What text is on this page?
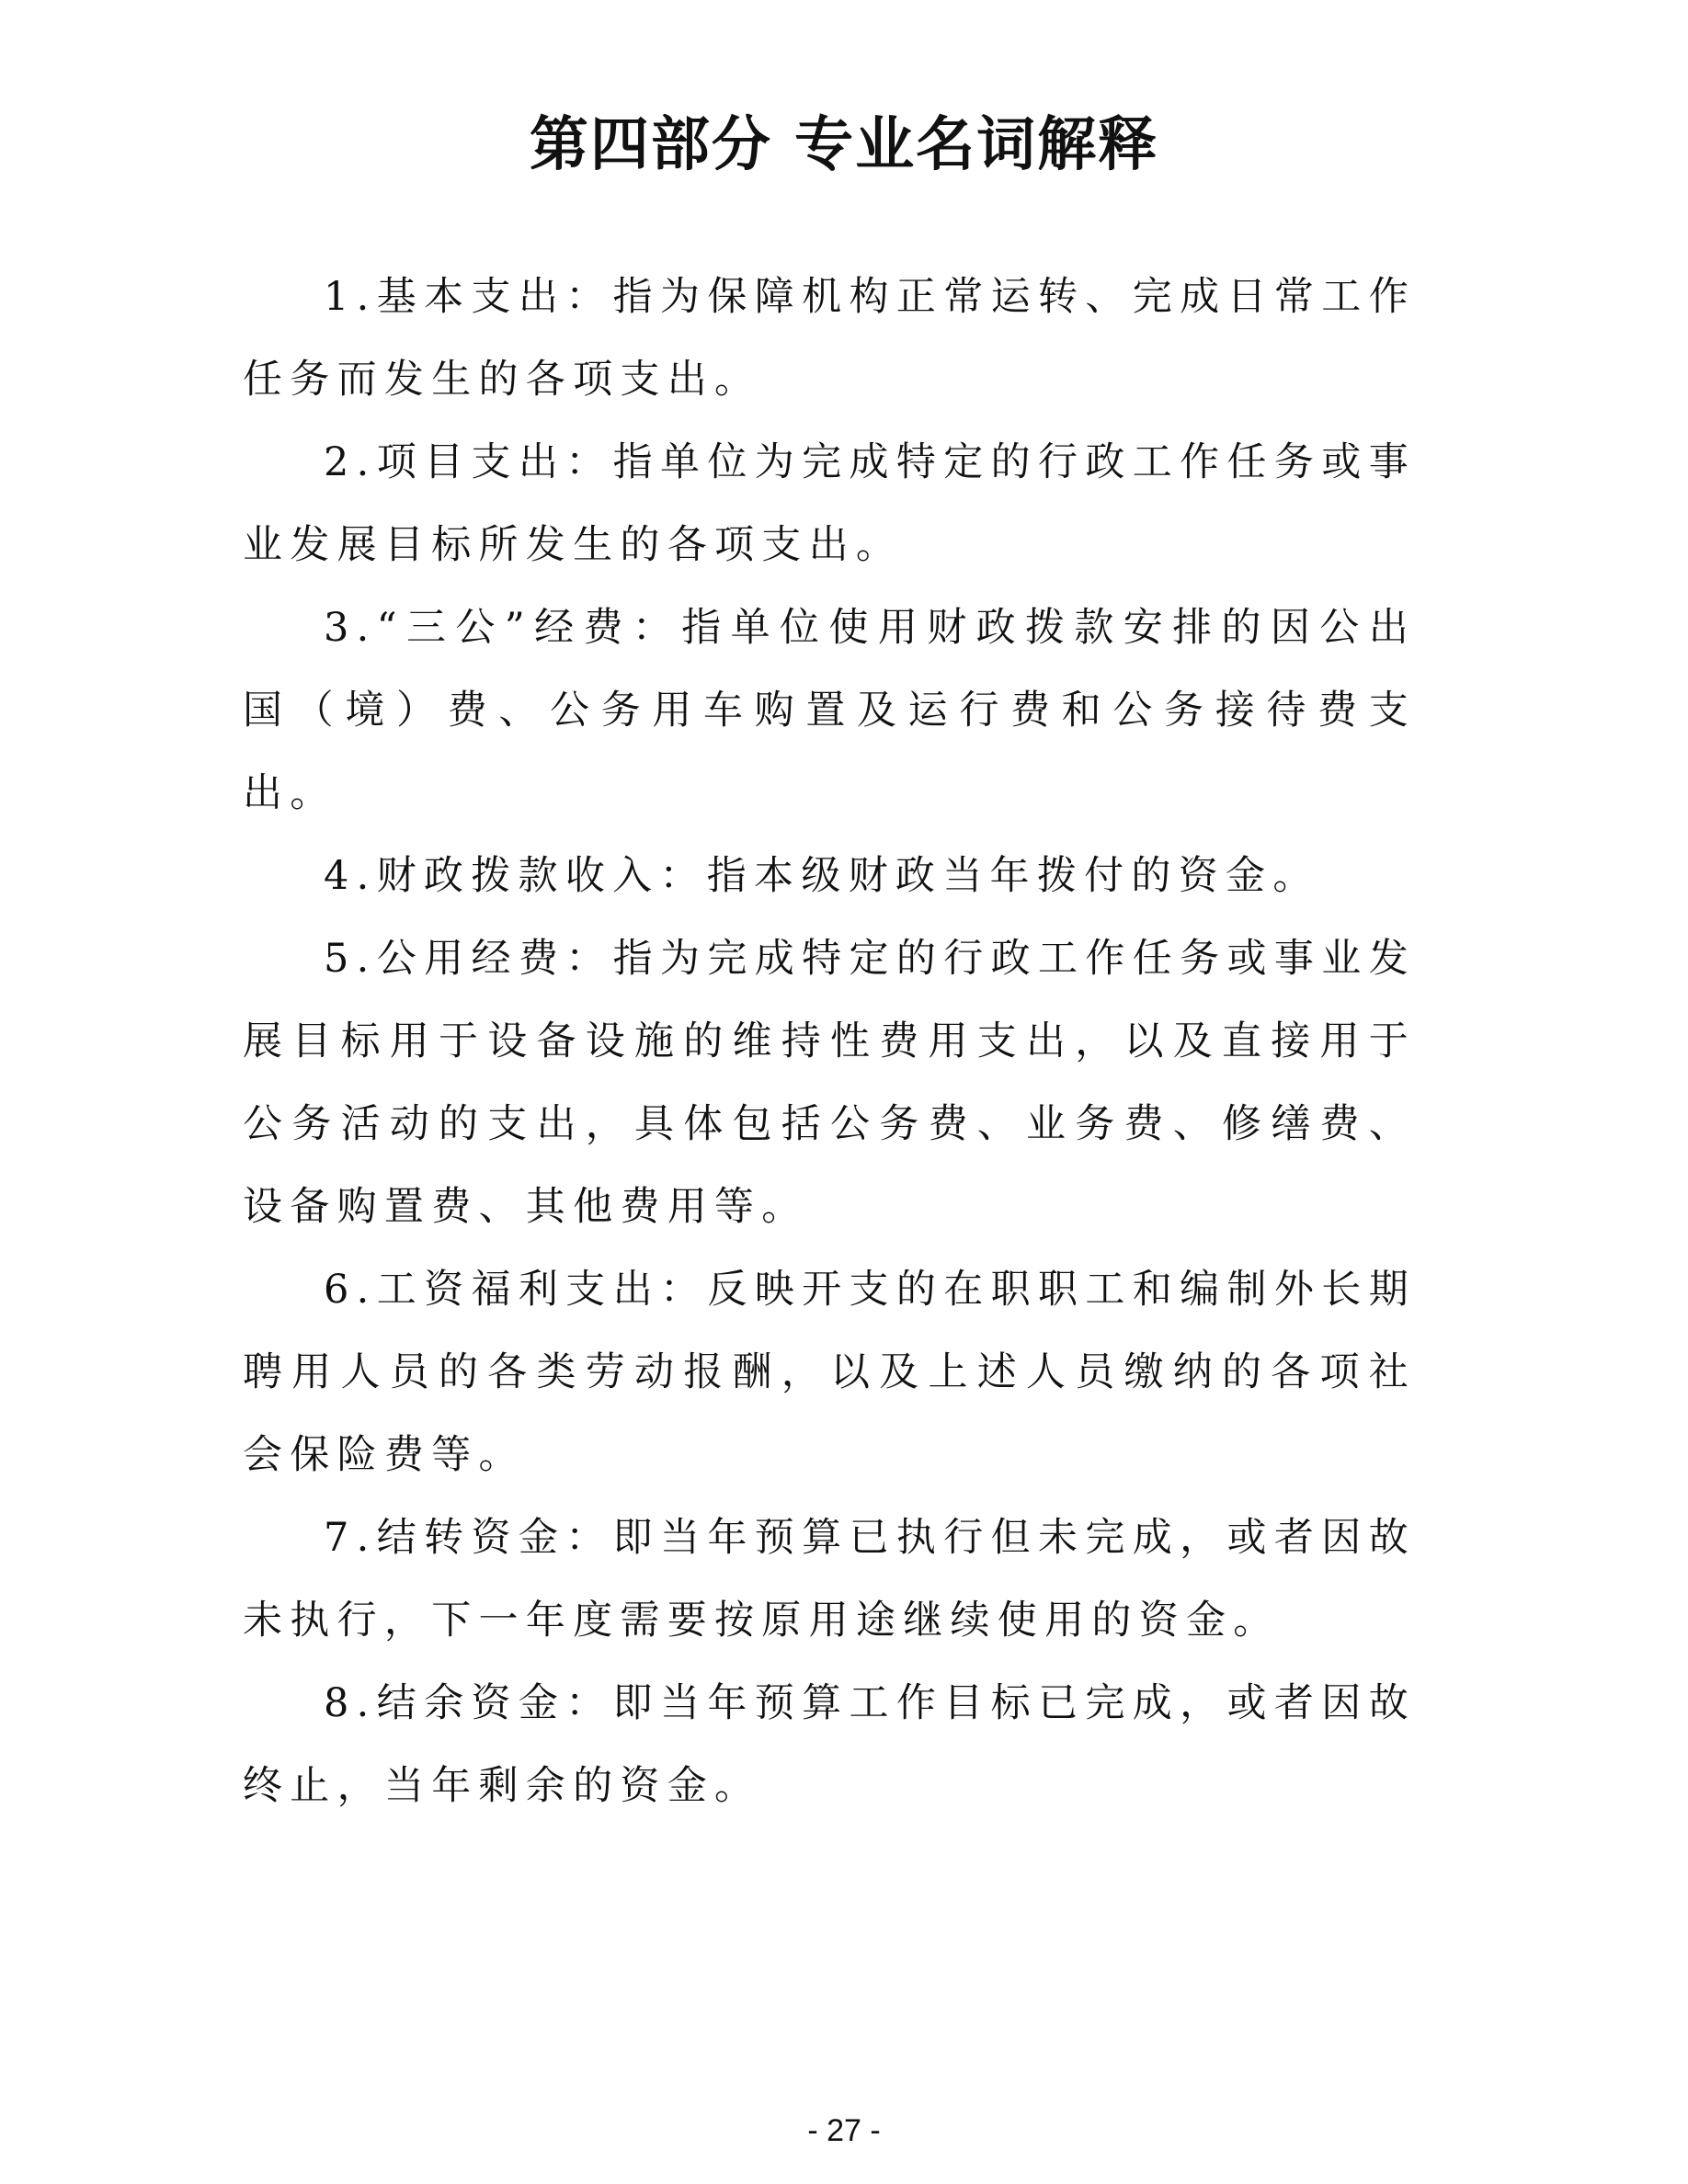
第四部分 专业名词解释

1.基本支出：指为保障机构正常运转、完成日常工作任务而发生的各项支出。

2.项目支出：指单位为完成特定的行政工作任务或事业发展目标所发生的各项支出。

3.“三公”经费：指单位使用财政拨款安排的因公出国（境）费、公务用车购置及运行费和公务接待费支出。

4.财政拨款收入：指本级财政当年拨付的资金。

5.公用经费：指为完成特定的行政工作任务或事业发展目标用于设备设施的维持性费用支出，以及直接用于公务活动的支出，具体包括公务费、业务费、修缮费、设备购置费、其他费用等。

6.工资福利支出：反映开支的在职职工和编制外长期聘用人员的各类劳动报酬，以及上述人员缴纳的各项社会保险费等。

7.结转资金：即当年预算已执行但未完成，或者因故未执行，下一年度需要按原用途继续使用的资金。

8.结余资金：即当年预算工作目标已完成，或者因故终止，当年剩余的资金。

- 27 -
